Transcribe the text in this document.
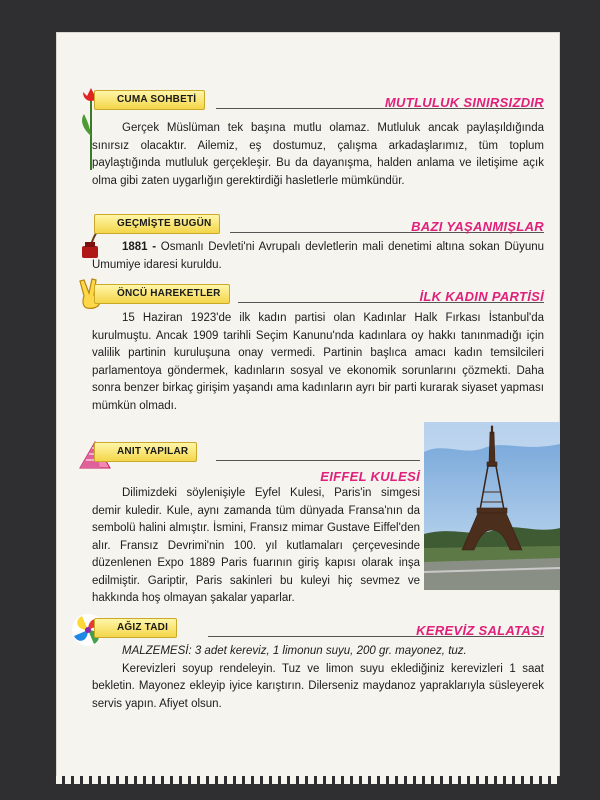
CUMA SOHBETİ	MUTLULUK SINIRSIZDIR

Gerçek Müslüman tek başına mutlu olamaz. Mutluluk ancak paylaşıldığında sınırsız olacaktır. Ailemiz, eş dostumuz, çalışma arkadaşlarımız, tüm toplum paylaştığında mutluluk gerçekleşir. Bu da dayanışma, halden anlama ve iletişime açık olma gibi zaten uygarlığın gerektirdiği hasletlerle mümkündür.

GEÇMİŞTE BUGÜN	BAZI YAŞANMIŞLAR

1881 - Osmanlı Devleti'ni Avrupalı devletlerin mali denetimi altına sokan Düyunu Umumiye idaresi kuruldu.

ÖNCÜ HAREKETLER	İLK KADIN PARTİSİ

15 Haziran 1923'de ilk kadın partisi olan Kadınlar Halk Fırkası İstanbul'da kurulmuştu. Ancak 1909 tarihli Seçim Kanunu'nda kadınlara oy hakkı tanınmadığı için valilik partinin kuruluşuna onay vermedi. Partinin başlıca amacı kadın temsilcileri parlamentoya göndermek, kadınların sosyal ve ekonomik sorunlarını çözmekti. Daha sonra benzer birkaç girişim yaşandı ama kadınların ayrı bir parti kurarak siyaset yapması mümkün olmadı.

ANIT YAPILAR
EIFFEL KULESİ

Dilimizdeki söylenişiyle Eyfel Kulesi, Paris'in simgesi demir kuledir. Kule, aynı zamanda tüm dünyada Fransa'nın da sembolü halini almıştır. İsmini, Fransız mimar Gustave Eiffel'den alır. Fransız Devrimi'nin 100. yıl kutlamaları çerçevesinde düzenlenen Expo 1889 Paris fuarının giriş kapısı olarak inşa edilmiştir. Gariptir, Paris sakinleri bu kuleyi hiç sevmez ve hakkında hoş olmayan şakalar yaparlar.

AĞIZ TADI	KEREVİZ SALATASI

MALZEMESİ: 3 adet kereviz, 1 limonun suyu, 200 gr. mayonez, tuz.

Kerevizleri soyup rendeleyin. Tuz ve limon suyu eklediğiniz kerevizleri 1 saat bekletin. Mayonez ekleyip iyice karıştırın. Dilerseniz maydanoz yapraklarıyla süsleyerek servis yapın. Afiyet olsun.
